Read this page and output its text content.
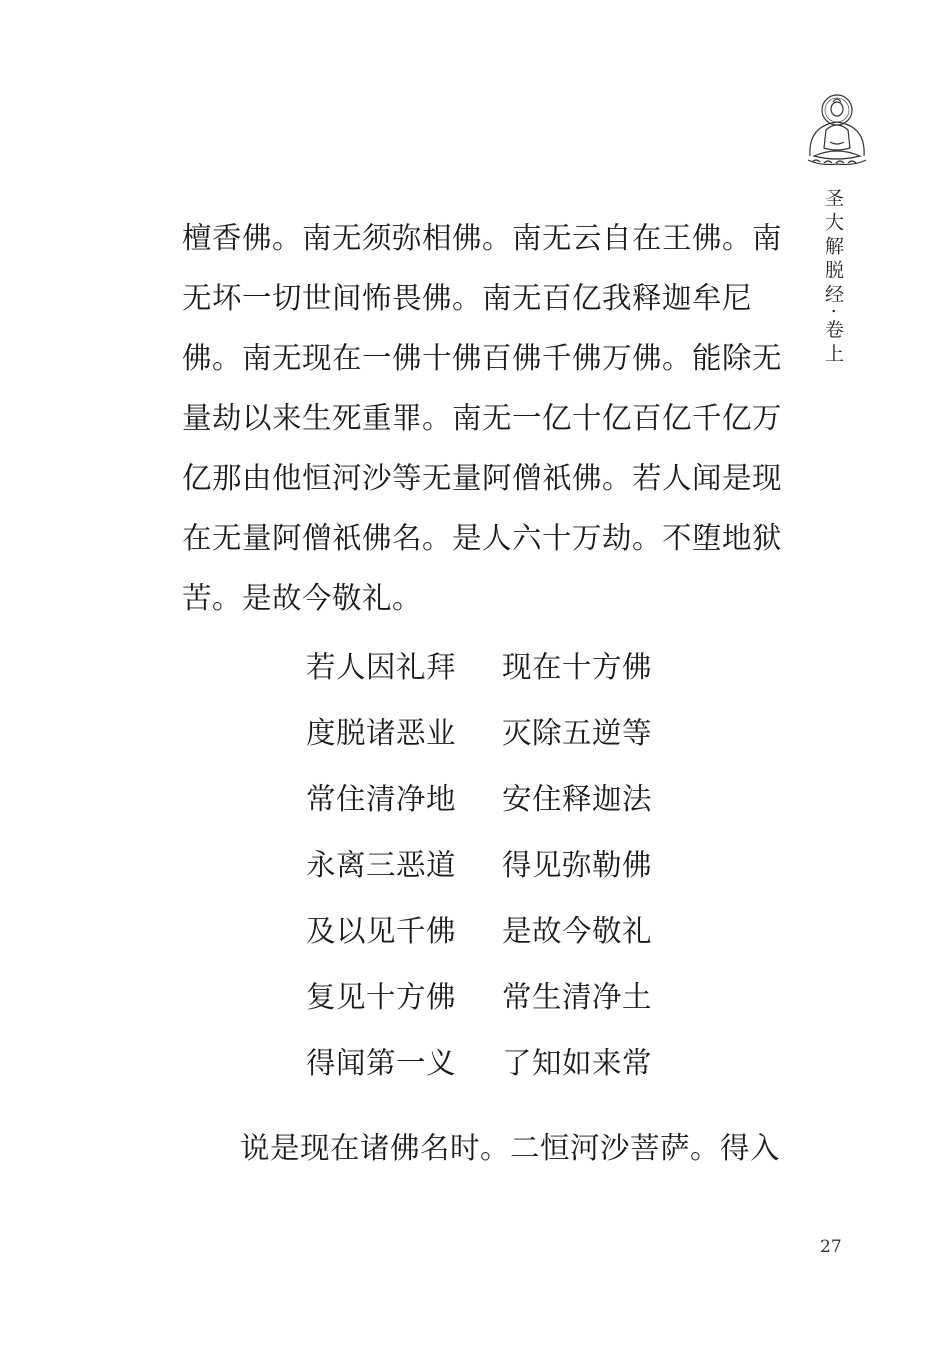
圣大解脱经·卷上
檀香佛。南无须弥相佛。南无云自在王佛。南
无坏一切世间怖畏佛。南无百亿我释迦牟尼
佛。南无现在一佛十佛百佛千佛万佛。能除无
量劫以来生死重罪。南无一亿十亿百亿千亿万
亿那由他恒河沙等无量阿僧祇佛。若人闻是现
在无量阿僧祇佛名。是人六十万劫。不堕地狱
苦。是故今敬礼。
若人因礼拜	现在十方佛
度脱诸恶业	灭除五逆等
常住清净地	安住释迦法
永离三恶道	得见弥勒佛
及以见千佛	是故今敬礼
复见十方佛	常生清净土
得闻第一义	了知如来常
说是现在诸佛名时。二恒河沙菩萨。得入
27
